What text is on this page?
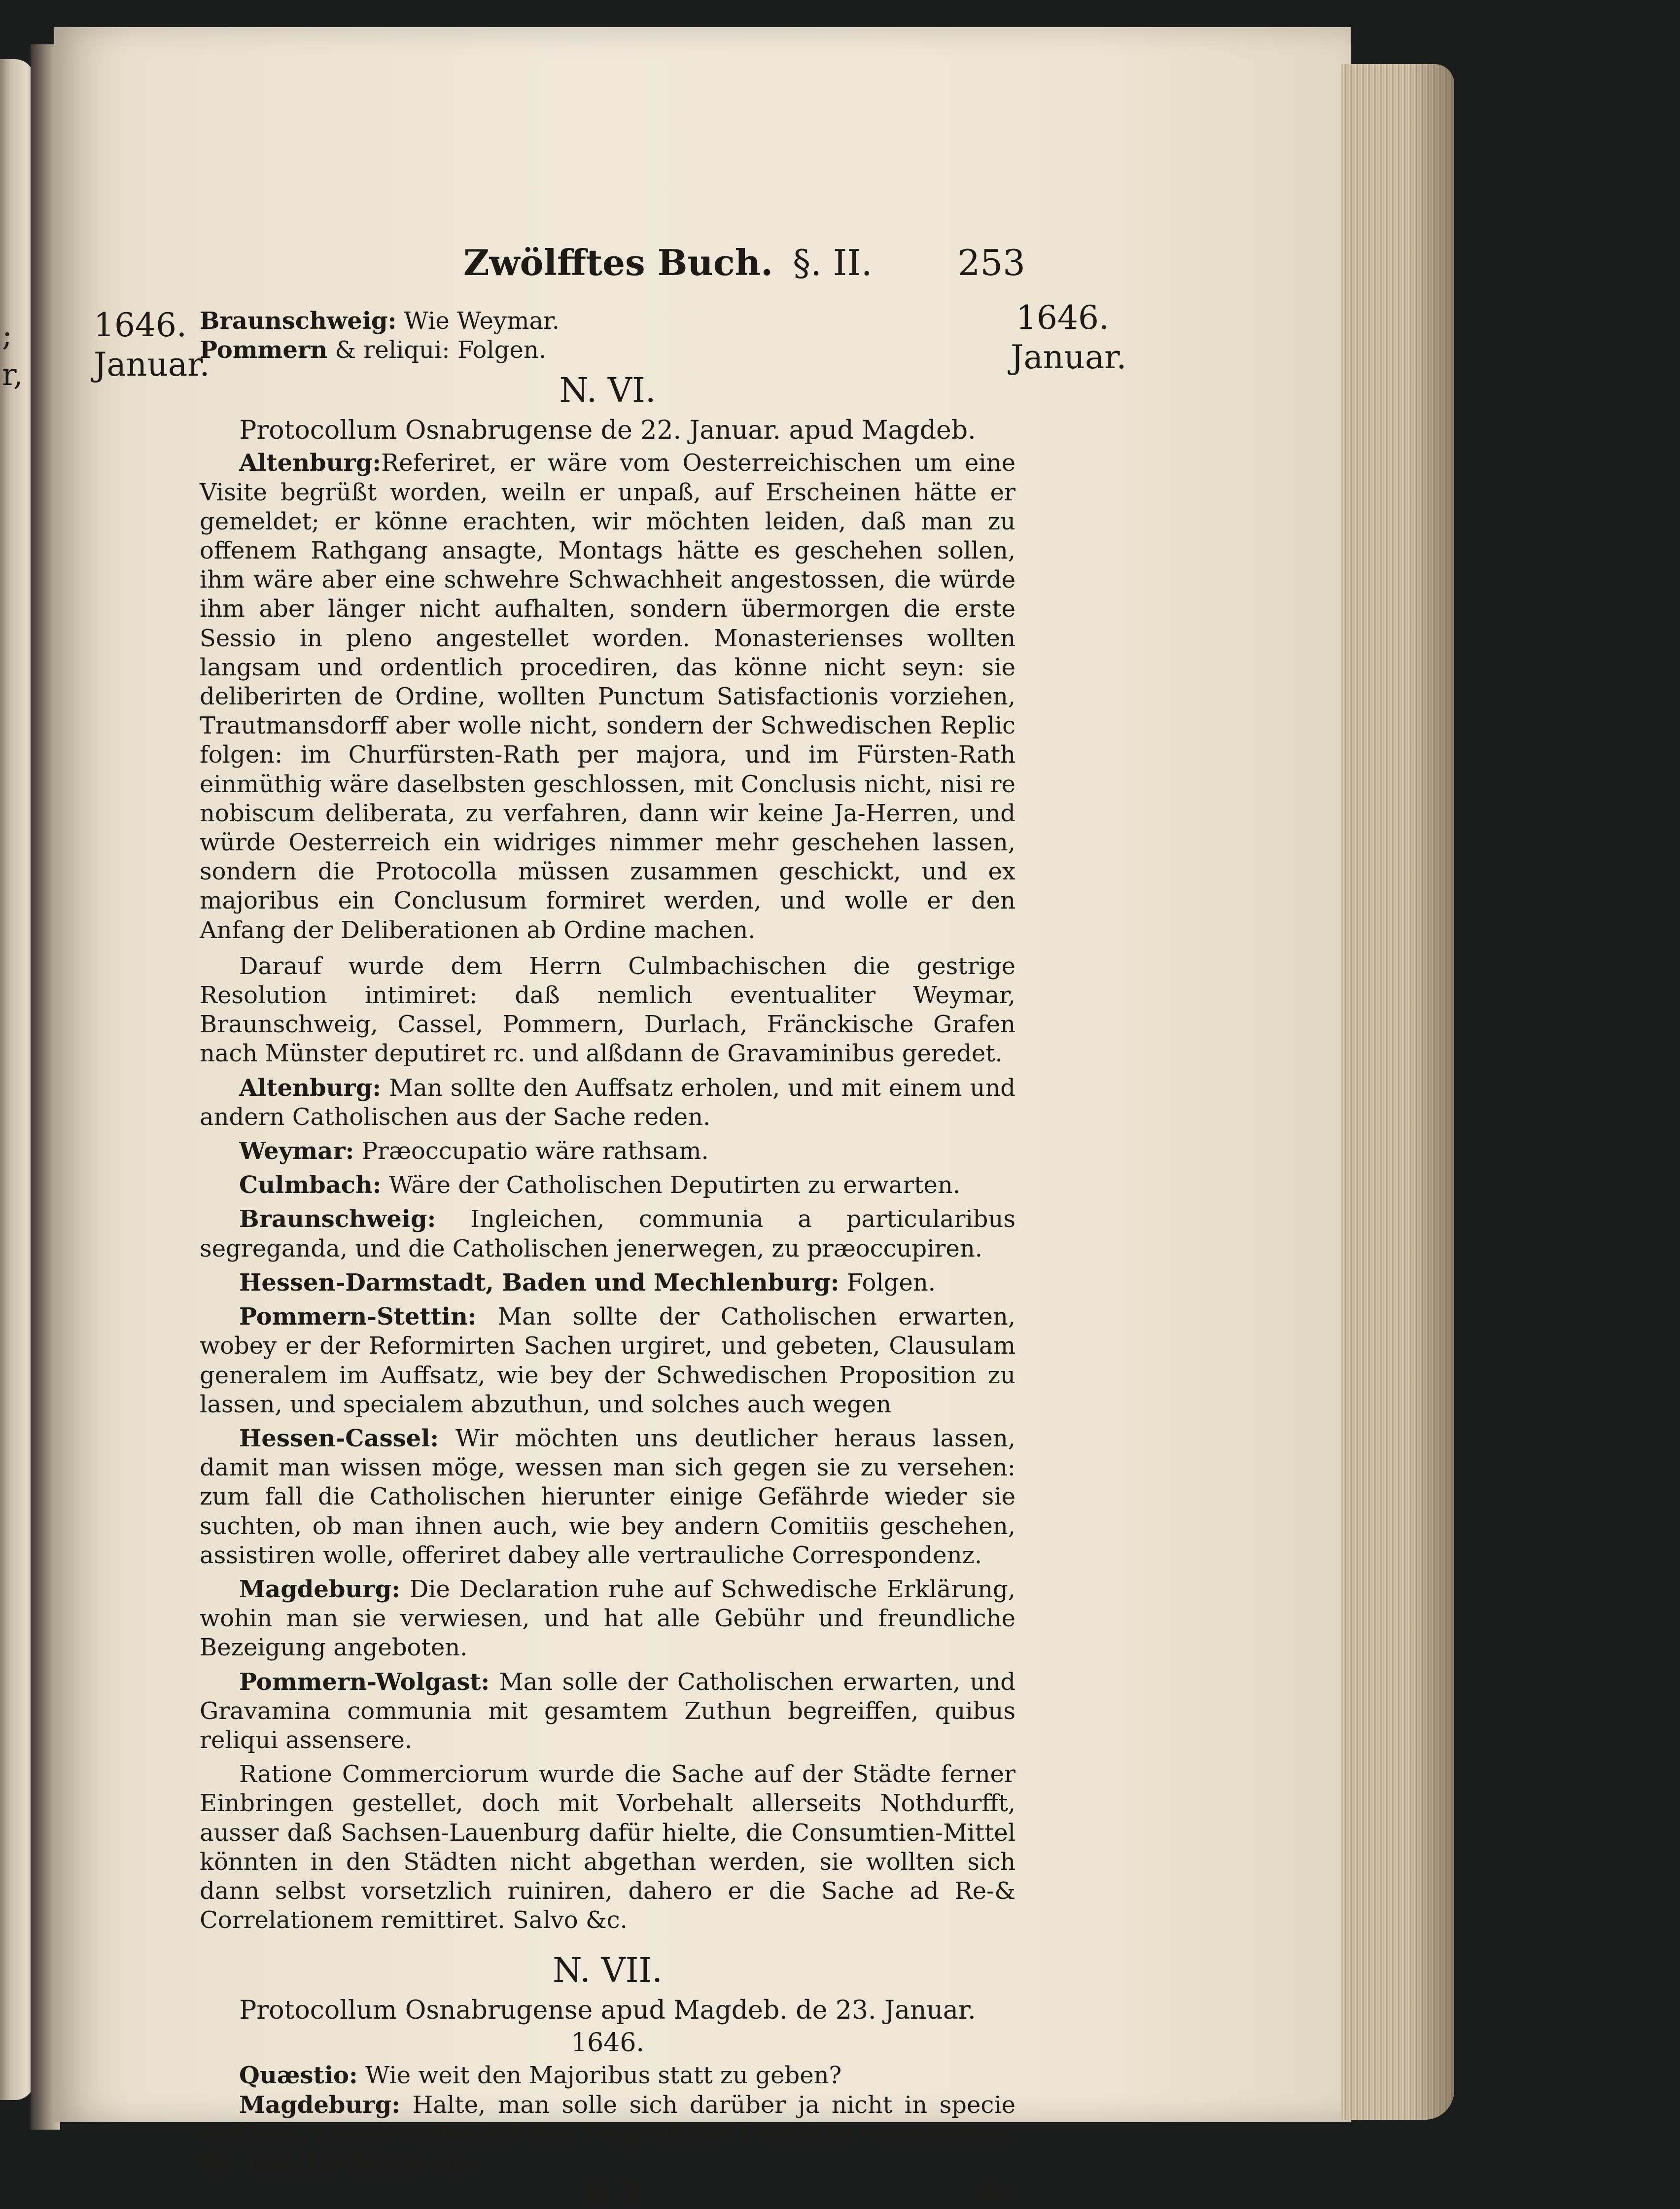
;
r,
Zwölfftes Buch. §. II. 253
1646.
Januar.
1646.
Januar.

Braunschweig: Wie Weymar.

Pommern & reliqui: Folgen.

N. VI.
Protocollum Osnabrugense de 22. Januar. apud Magdeb.

Altenburg:Referiret, er wäre vom Oesterreichischen um eine Visite begrüßt worden, weiln er unpaß, auf Erscheinen hätte er gemeldet; er könne erachten, wir möchten leiden, daß man zu offenem Rathgang ansagte, Montags hätte es geschehen sollen, ihm wäre aber eine schwehre Schwachheit angestossen, die würde ihm aber länger nicht aufhalten, sondern übermorgen die erste Sessio in pleno angestellet worden. Monasterienses wollten langsam und ordentlich procediren, das könne nicht seyn: sie deliberirten de Ordine, wollten Punctum Satisfactionis vorziehen, Trautmansdorff aber wolle nicht, sondern der Schwedischen Replic folgen: im Churfürsten-Rath per majora, und im Fürsten-Rath einmüthig wäre daselbsten geschlossen, mit Conclusis nicht, nisi re nobiscum deliberata, zu verfahren, dann wir keine Ja-Herren, und würde Oesterreich ein widriges nimmer mehr geschehen lassen, sondern die Protocolla müssen zusammen geschickt, und ex majoribus ein Conclusum formiret werden, und wolle er den Anfang der Deliberationen ab Ordine machen.

Darauf wurde dem Herrn Culmbachischen die gestrige Resolution intimiret: daß nemlich eventualiter Weymar, Braunschweig, Cassel, Pommern, Durlach, Fränckische Grafen nach Münster deputiret rc. und alßdann de Gravaminibus geredet.

Altenburg: Man sollte den Auffsatz erholen, und mit einem und andern Catholischen aus der Sache reden.

Weymar: Præoccupatio wäre rathsam.

Culmbach: Wäre der Catholischen Deputirten zu erwarten.

Braunschweig: Ingleichen, communia a particularibus segreganda, und die Catholischen jenerwegen, zu præoccupiren.

Hessen-Darmstadt, Baden und Mechlenburg: Folgen.

Pommern-Stettin: Man sollte der Catholischen erwarten, wobey er der Reformirten Sachen urgiret, und gebeten, Clausulam generalem im Auffsatz, wie bey der Schwedischen Proposition zu lassen, und specialem abzuthun, und solches auch wegen

Hessen-Cassel: Wir möchten uns deutlicher heraus lassen, damit man wissen möge, wessen man sich gegen sie zu versehen: zum fall die Catholischen hierunter einige Gefährde wieder sie suchten, ob man ihnen auch, wie bey andern Comitiis geschehen, assistiren wolle, offeriret dabey alle vertrauliche Correspondenz.

Magdeburg: Die Declaration ruhe auf Schwedische Erklärung, wohin man sie verwiesen, und hat alle Gebühr und freundliche Bezeigung angeboten.

Pommern-Wolgast: Man solle der Catholischen erwarten, und Gravamina communia mit gesamtem Zuthun begreiffen, quibus reliqui assensere.

Ratione Commerciorum wurde die Sache auf der Städte ferner Einbringen gestellet, doch mit Vorbehalt allerseits Nothdurfft, ausser daß Sachsen-Lauenburg dafür hielte, die Consumtien-Mittel könnten in den Städten nicht abgethan werden, sie wollten sich dann selbst vorsetzlich ruiniren, dahero er die Sache ad Re-& Correlationem remittiret. Salvo &c.

N. VII.
Protocollum Osnabrugense apud Magdeb. de 23. Januar. 1646.

Quæstio: Wie weit den Majoribus statt zu geben?

Magdeburg: Halte, man solle sich darüber ja nicht in specie erklären, sondern alles auf den Progreß der Tractaten verschieben. Wo man Partheyen ma-

Ii 3	che
